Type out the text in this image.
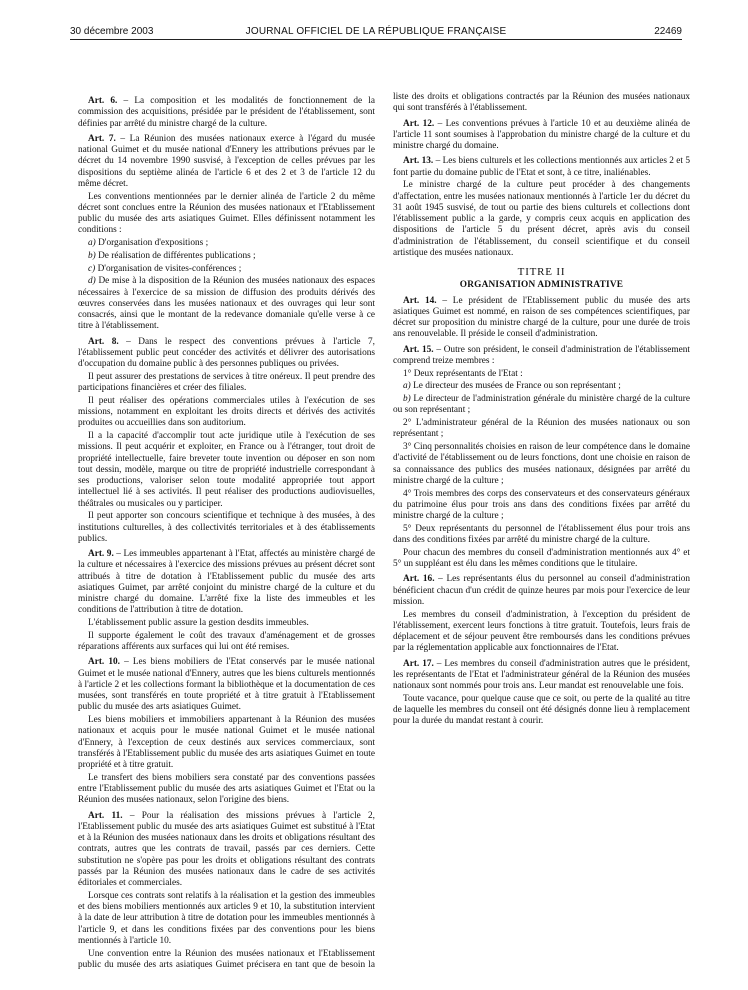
30 décembre 2003	JOURNAL OFFICIEL DE LA RÉPUBLIQUE FRANÇAISE	22469

Art. 6. – La composition et les modalités de fonctionnement de la commission des acquisitions, présidée par le président de l'établissement, sont définies par arrêté du ministre chargé de la culture.

Art. 7. – La Réunion des musées nationaux exerce à l'égard du musée national Guimet et du musée national d'Ennery les attributions prévues par le décret du 14 novembre 1990 susvisé, à l'exception de celles prévues par les dispositions du septième alinéa de l'article 6 et des 2 et 3 de l'article 12 du même décret.

Les conventions mentionnées par le dernier alinéa de l'article 2 du même décret sont conclues entre la Réunion des musées nationaux et l'Etablissement public du musée des arts asiatiques Guimet. Elles définissent notamment les conditions :

a) D'organisation d'expositions ;

b) De réalisation de différentes publications ;

c) D'organisation de visites-conférences ;

d) De mise à la disposition de la Réunion des musées nationaux des espaces nécessaires à l'exercice de sa mission de diffusion des produits dérivés des œuvres conservées dans les musées nationaux et des ouvrages qui leur sont consacrés, ainsi que le montant de la redevance domaniale qu'elle verse à ce titre à l'établissement.

Art. 8. – Dans le respect des conventions prévues à l'article 7, l'établissement public peut concéder des activités et délivrer des autorisations d'occupation du domaine public à des personnes publiques ou privées.

Il peut assurer des prestations de services à titre onéreux. Il peut prendre des participations financières et créer des filiales.

Il peut réaliser des opérations commerciales utiles à l'exécution de ses missions, notamment en exploitant les droits directs et dérivés des activités produites ou accueillies dans son auditorium.

Il a la capacité d'accomplir tout acte juridique utile à l'exécution de ses missions. Il peut acquérir et exploiter, en France ou à l'étranger, tout droit de propriété intellectuelle, faire breveter toute invention ou déposer en son nom tout dessin, modèle, marque ou titre de propriété industrielle correspondant à ses productions, valoriser selon toute modalité appropriée tout apport intellectuel lié à ses activités. Il peut réaliser des productions audiovisuelles, théâtrales ou musicales ou y participer.

Il peut apporter son concours scientifique et technique à des musées, à des institutions culturelles, à des collectivités territoriales et à des établissements publics.

Art. 9. – Les immeubles appartenant à l'Etat, affectés au ministère chargé de la culture et nécessaires à l'exercice des missions prévues au présent décret sont attribués à titre de dotation à l'Etablissement public du musée des arts asiatiques Guimet, par arrêté conjoint du ministre chargé de la culture et du ministre chargé du domaine. L'arrêté fixe la liste des immeubles et les conditions de l'attribution à titre de dotation.

L'établissement public assure la gestion desdits immeubles.

Il supporte également le coût des travaux d'aménagement et de grosses réparations afférents aux surfaces qui lui ont été remises.

Art. 10. – Les biens mobiliers de l'Etat conservés par le musée national Guimet et le musée national d'Ennery, autres que les biens culturels mentionnés à l'article 2 et les collections formant la bibliothèque et la documentation de ces musées, sont transférés en toute propriété et à titre gratuit à l'Etablissement public du musée des arts asiatiques Guimet.

Les biens mobiliers et immobiliers appartenant à la Réunion des musées nationaux et acquis pour le musée national Guimet et le musée national d'Ennery, à l'exception de ceux destinés aux services commerciaux, sont transférés à l'Etablissement public du musée des arts asiatiques Guimet en toute propriété et à titre gratuit.

Le transfert des biens mobiliers sera constaté par des conventions passées entre l'Etablissement public du musée des arts asiatiques Guimet et l'Etat ou la Réunion des musées nationaux, selon l'origine des biens.

Art. 11. – Pour la réalisation des missions prévues à l'article 2, l'Etablissement public du musée des arts asiatiques Guimet est substitué à l'Etat et à la Réunion des musées nationaux dans les droits et obligations résultant des contrats, autres que les contrats de travail, passés par ces derniers. Cette substitution ne s'opère pas pour les droits et obligations résultant des contrats passés par la Réunion des musées nationaux dans le cadre de ses activités éditoriales et commerciales.

Lorsque ces contrats sont relatifs à la réalisation et la gestion des immeubles et des biens mobiliers mentionnés aux articles 9 et 10, la substitution intervient à la date de leur attribution à titre de dotation pour les immeubles mentionnés à l'article 9, et dans les conditions fixées par des conventions pour les biens mentionnés à l'article 10.

Une convention entre la Réunion des musées nationaux et l'Etablissement public du musée des arts asiatiques Guimet précisera en tant que de besoin la liste des droits et obligations contractés par la Réunion des musées nationaux qui sont transférés à l'établissement.

Art. 12. – Les conventions prévues à l'article 10 et au deuxième alinéa de l'article 11 sont soumises à l'approbation du ministre chargé de la culture et du ministre chargé du domaine.

Art. 13. – Les biens culturels et les collections mentionnés aux articles 2 et 5 font partie du domaine public de l'Etat et sont, à ce titre, inaliénables.

Le ministre chargé de la culture peut procéder à des changements d'affectation, entre les musées nationaux mentionnés à l'article 1er du décret du 31 août 1945 susvisé, de tout ou partie des biens culturels et collections dont l'établissement public a la garde, y compris ceux acquis en application des dispositions de l'article 5 du présent décret, après avis du conseil d'administration de l'établissement, du conseil scientifique et du conseil artistique des musées nationaux.

TITRE II
ORGANISATION ADMINISTRATIVE

Art. 14. – Le président de l'Etablissement public du musée des arts asiatiques Guimet est nommé, en raison de ses compétences scientifiques, par décret sur proposition du ministre chargé de la culture, pour une durée de trois ans renouvelable. Il préside le conseil d'administration.

Art. 15. – Outre son président, le conseil d'administration de l'établissement comprend treize membres :

1° Deux représentants de l'Etat :

a) Le directeur des musées de France ou son représentant ;

b) Le directeur de l'administration générale du ministère chargé de la culture ou son représentant ;

2° L'administrateur général de la Réunion des musées nationaux ou son représentant ;

3° Cinq personnalités choisies en raison de leur compétence dans le domaine d'activité de l'établissement ou de leurs fonctions, dont une choisie en raison de sa connaissance des publics des musées nationaux, désignées par arrêté du ministre chargé de la culture ;

4° Trois membres des corps des conservateurs et des conservateurs généraux du patrimoine élus pour trois ans dans des conditions fixées par arrêté du ministre chargé de la culture ;

5° Deux représentants du personnel de l'établissement élus pour trois ans dans des conditions fixées par arrêté du ministre chargé de la culture.

Pour chacun des membres du conseil d'administration mentionnés aux 4° et 5° un suppléant est élu dans les mêmes conditions que le titulaire.

Art. 16. – Les représentants élus du personnel au conseil d'administration bénéficient chacun d'un crédit de quinze heures par mois pour l'exercice de leur mission.

Les membres du conseil d'administration, à l'exception du président de l'établissement, exercent leurs fonctions à titre gratuit. Toutefois, leurs frais de déplacement et de séjour peuvent être remboursés dans les conditions prévues par la réglementation applicable aux fonctionnaires de l'Etat.

Art. 17. – Les membres du conseil d'administration autres que le président, les représentants de l'Etat et l'administrateur général de la Réunion des musées nationaux sont nommés pour trois ans. Leur mandat est renouvelable une fois.

Toute vacance, pour quelque cause que ce soit, ou perte de la qualité au titre de laquelle les membres du conseil ont été désignés donne lieu à remplacement pour la durée du mandat restant à courir.
